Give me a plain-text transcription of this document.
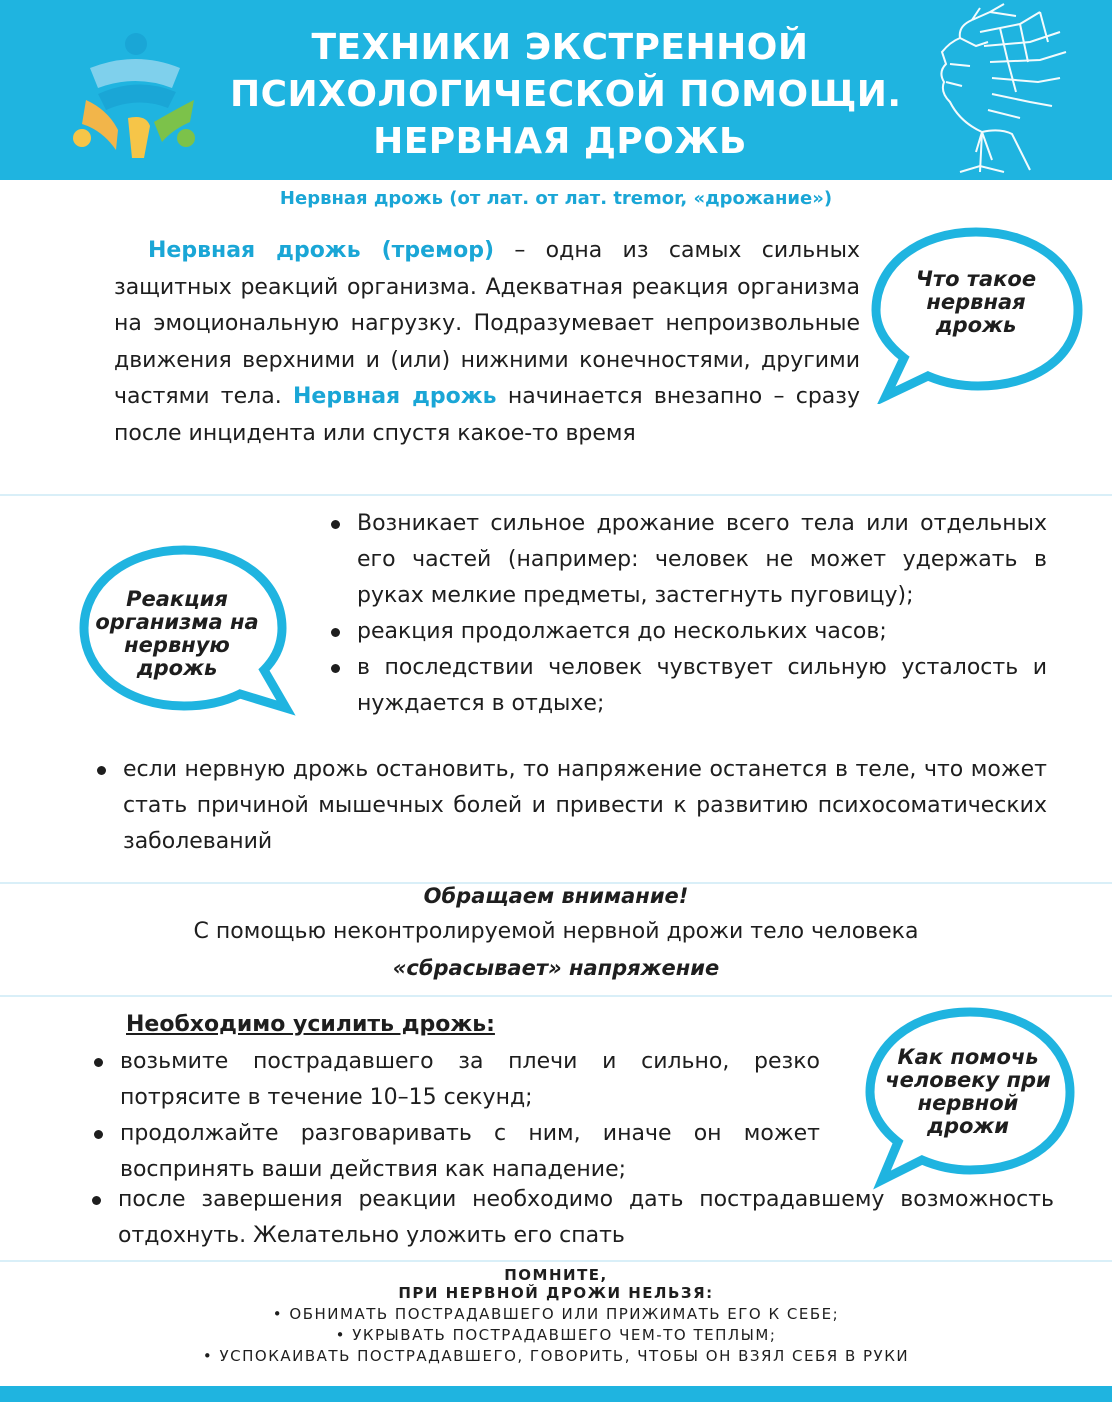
ТЕХНИКИ ЭКСТРЕННОЙ
ПСИХОЛОГИЧЕСКОЙ ПОМОЩИ.
НЕРВНАЯ ДРОЖЬ
Нервная дрожь (от лат. от лат. tremor, «дрожание»)
Нервная дрожь (тремор) – одна из самых сильных защитных реакций организма. Адекватная реакция организма на эмоциональную нагрузку. Подразумевает непроизвольные движения верхними и (или) нижними конечностями, другими частями тела. Нервная дрожь начинается внезапно – сразу после инцидента или спустя какое-то время
Что такое нервная дрожь
Реакция организма на нервную дрожь
Возникает сильное дрожание всего тела или отдельных его частей (например: человек не может удержать в руках мелкие предметы, застегнуть пуговицу);
реакция продолжается до нескольких часов;
в последствии человек чувствует сильную усталость и нуждается в отдыхе;
если нервную дрожь остановить, то напряжение останется в теле, что может стать причиной мышечных болей и привести к развитию психосоматических заболеваний
Обращаем внимание!
С помощью неконтролируемой нервной дрожи тело человека
«сбрасывает» напряжение
Необходимо усилить дрожь:
возьмите пострадавшего за плечи и сильно, резко потрясите в течение 10–15 секунд;
продолжайте разговаривать с ним, иначе он может воспринять ваши действия как нападение;
после завершения реакции необходимо дать пострадавшему возможность отдохнуть. Желательно уложить его спать
Как помочь человеку при нервной дрожи
ПОМНИТЕ,
ПРИ НЕРВНОЙ ДРОЖИ НЕЛЬЗЯ:
• ОБНИМАТЬ ПОСТРАДАВШЕГО ИЛИ ПРИЖИМАТЬ ЕГО К СЕБЕ;
• УКРЫВАТЬ ПОСТРАДАВШЕГО ЧЕМ-ТО ТЕПЛЫМ;
• УСПОКАИВАТЬ ПОСТРАДАВШЕГО, ГОВОРИТЬ, ЧТОБЫ ОН ВЗЯЛ СЕБЯ В РУКИ
